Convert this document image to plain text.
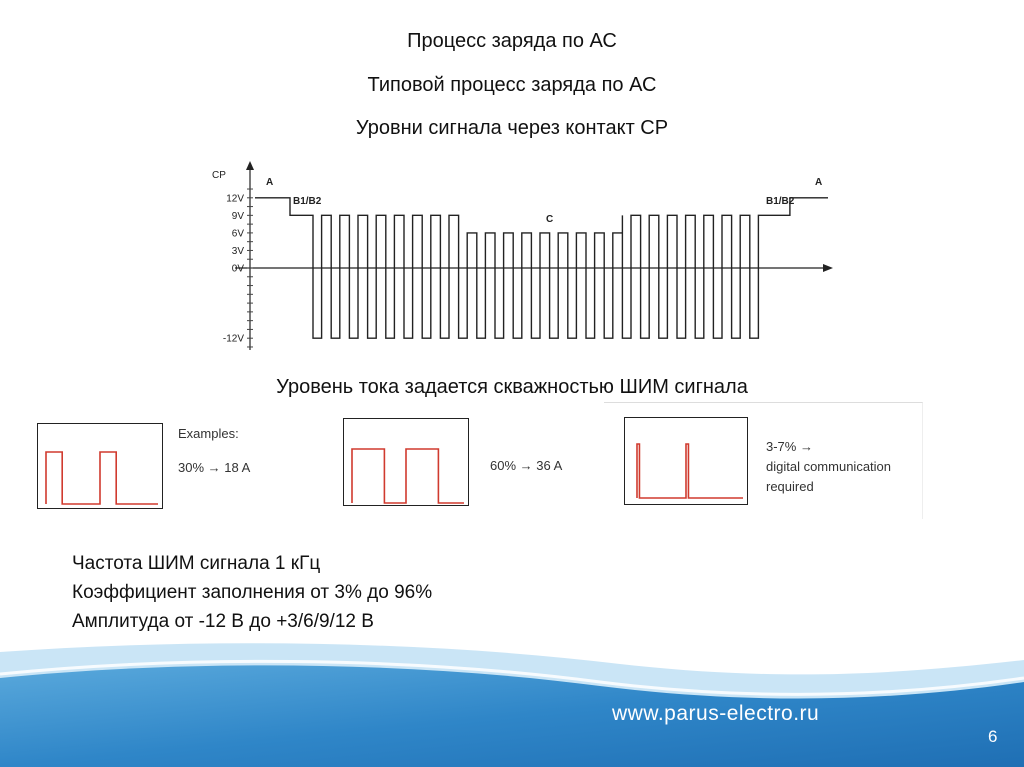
Процесс заряда по АС
Типовой процесс заряда по АС
Уровни сигнала через контакт СР
12V
9V
6V
3V
0V
-12V
CP
A
B1/B2
C
B1/B2
A
Уровень тока задается скважностью ШИМ сигнала
Examples:
30% → 18 A	60% → 36 A
3-7% →
digital communication
required
Частота ШИМ сигнала 1 кГц
Коэффициент заполнения от 3% до 96%
Амплитуда от -12 В до +3/6/9/12 В
www.parus-electro.ru
6
